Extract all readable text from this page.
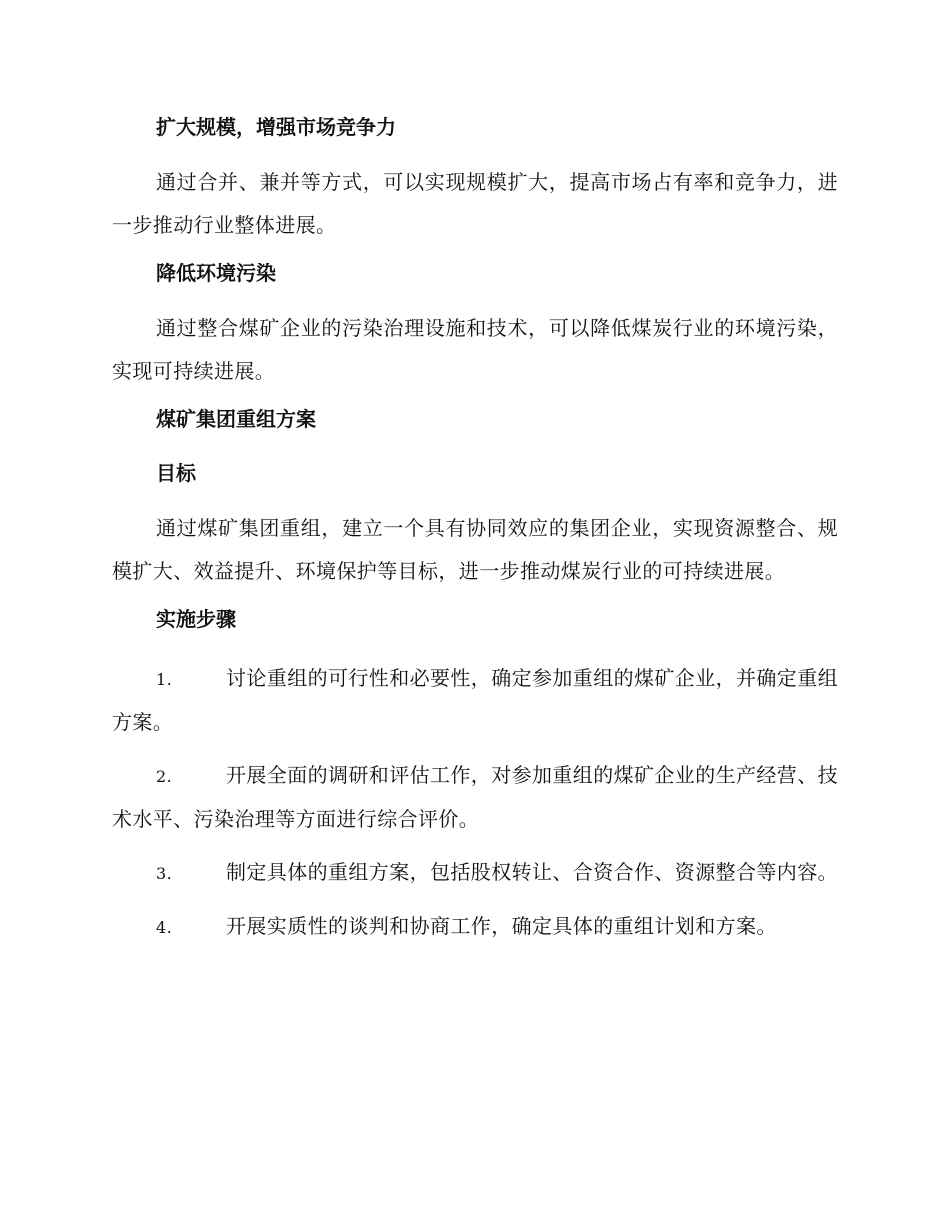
扩大规模，增强市场竞争力
通过合并、兼并等方式，可以实现规模扩大，提高市场占有率和竞争力，进一步推动行业整体进展。
降低环境污染
通过整合煤矿企业的污染治理设施和技术，可以降低煤炭行业的环境污染，实现可持续进展。
煤矿集团重组方案
目标
通过煤矿集团重组，建立一个具有协同效应的集团企业，实现资源整合、规模扩大、效益提升、环境保护等目标，进一步推动煤炭行业的可持续进展。
实施步骤
1.	讨论重组的可行性和必要性，确定参加重组的煤矿企业，并确定重组方案。
2.	开展全面的调研和评估工作，对参加重组的煤矿企业的生产经营、技术水平、污染治理等方面进行综合评价。
3.	制定具体的重组方案，包括股权转让、合资合作、资源整合等内容。
4.	开展实质性的谈判和协商工作，确定具体的重组计划和方案。
